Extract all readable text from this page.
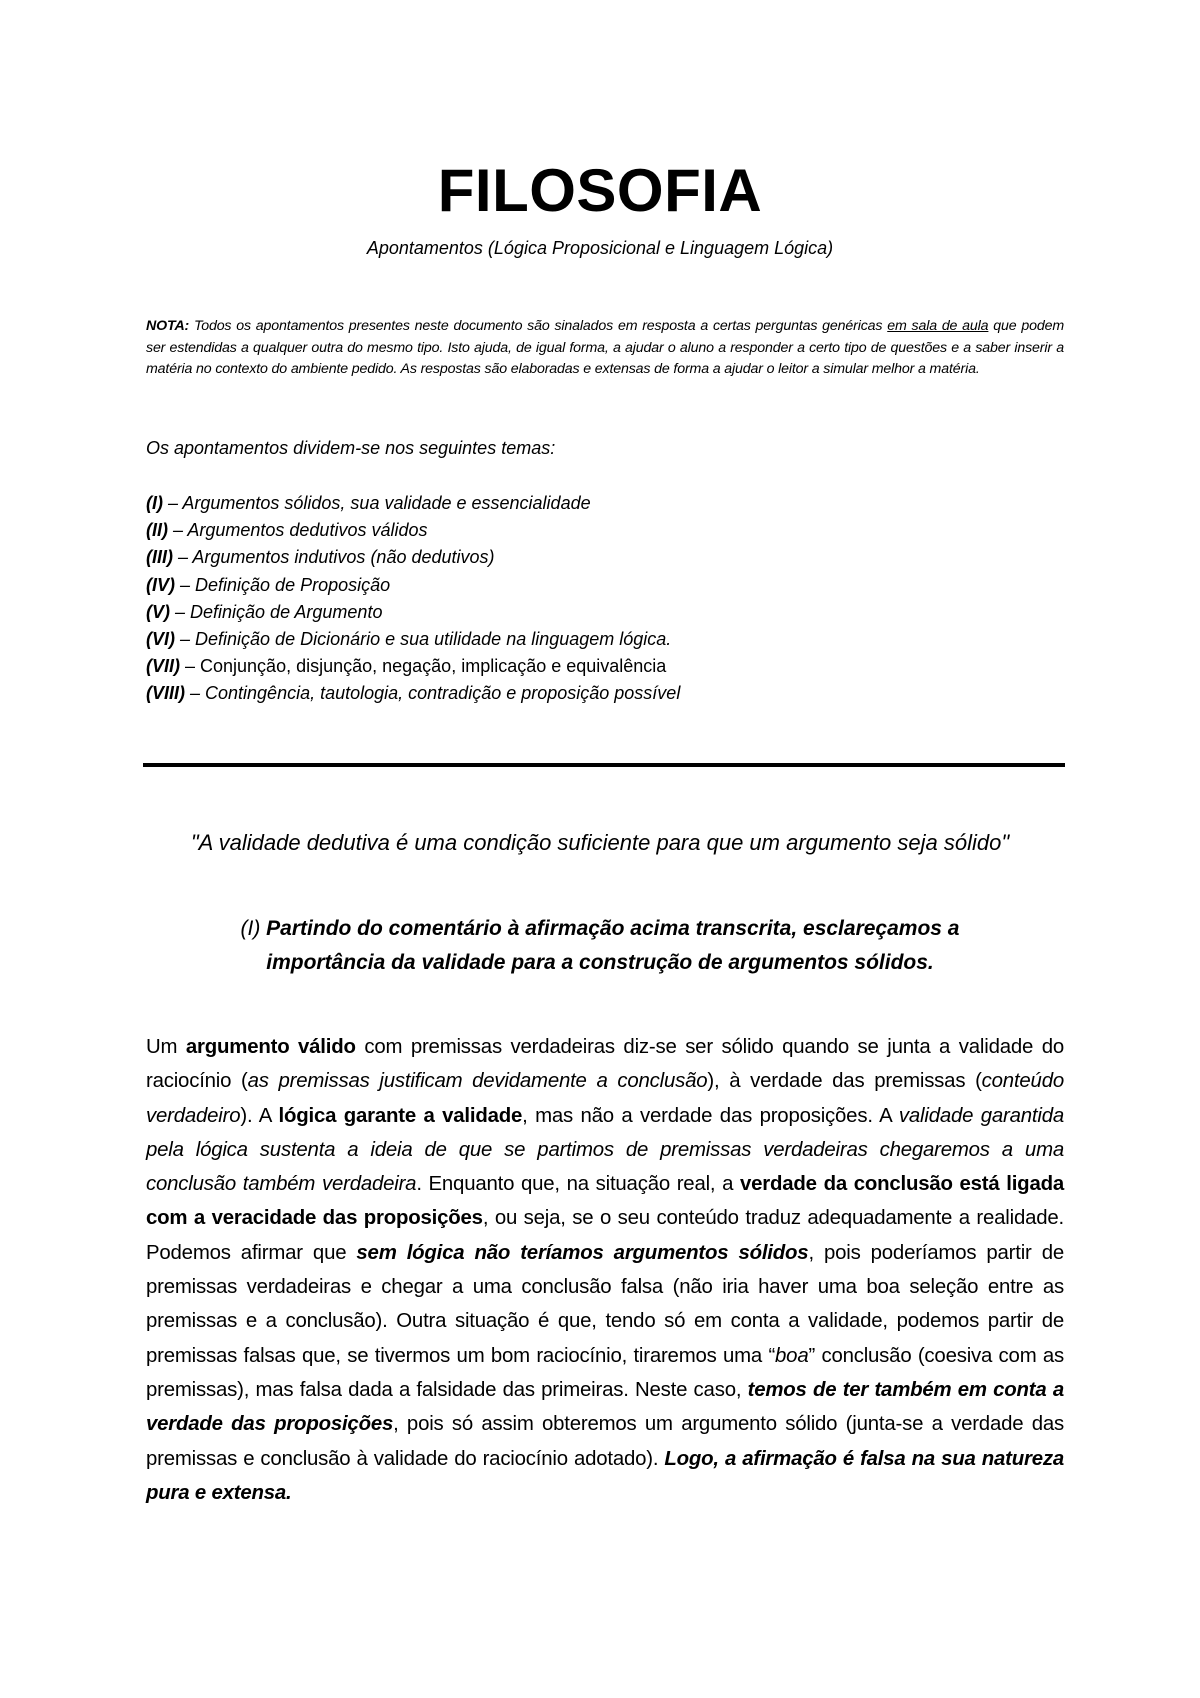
FILOSOFIA
Apontamentos (Lógica Proposicional e Linguagem Lógica)

NOTA: Todos os apontamentos presentes neste documento são sinalados em resposta a certas perguntas genéricas em sala de aula que podem ser estendidas a qualquer outra do mesmo tipo. Isto ajuda, de igual forma, a ajudar o aluno a responder a certo tipo de questões e a saber inserir a matéria no contexto do ambiente pedido. As respostas são elaboradas e extensas de forma a ajudar o leitor a simular melhor a matéria.

Os apontamentos dividem-se nos seguintes temas:
(I) – Argumentos sólidos, sua validade e essencialidade
(II) – Argumentos dedutivos válidos
(III) – Argumentos indutivos (não dedutivos)
(IV) – Definição de Proposição
(V) – Definição de Argumento
(VI) – Definição de Dicionário e sua utilidade na linguagem lógica.
(VII) – Conjunção, disjunção, negação, implicação e equivalência
(VIII) – Contingência, tautologia, contradição e proposição possível
"A validade dedutiva é uma condição suficiente para que um argumento seja sólido"
(I) Partindo do comentário à afirmação acima transcrita, esclareçamos a importância da validade para a construção de argumentos sólidos.

Um argumento válido com premissas verdadeiras diz-se ser sólido quando se junta a validade do raciocínio (as premissas justificam devidamente a conclusão), à verdade das premissas (conteúdo verdadeiro). A lógica garante a validade, mas não a verdade das proposições. A validade garantida pela lógica sustenta a ideia de que se partimos de premissas verdadeiras chegaremos a uma conclusão também verdadeira. Enquanto que, na situação real, a verdade da conclusão está ligada com a veracidade das proposições, ou seja, se o seu conteúdo traduz adequadamente a realidade. Podemos afirmar que sem lógica não teríamos argumentos sólidos, pois poderíamos partir de premissas verdadeiras e chegar a uma conclusão falsa (não iria haver uma boa seleção entre as premissas e a conclusão). Outra situação é que, tendo só em conta a validade, podemos partir de premissas falsas que, se tivermos um bom raciocínio, tiraremos uma “boa” conclusão (coesiva com as premissas), mas falsa dada a falsidade das primeiras. Neste caso, temos de ter também em conta a verdade das proposições, pois só assim obteremos um argumento sólido (junta-se a verdade das premissas e conclusão à validade do raciocínio adotado). Logo, a afirmação é falsa na sua natureza pura e extensa.
